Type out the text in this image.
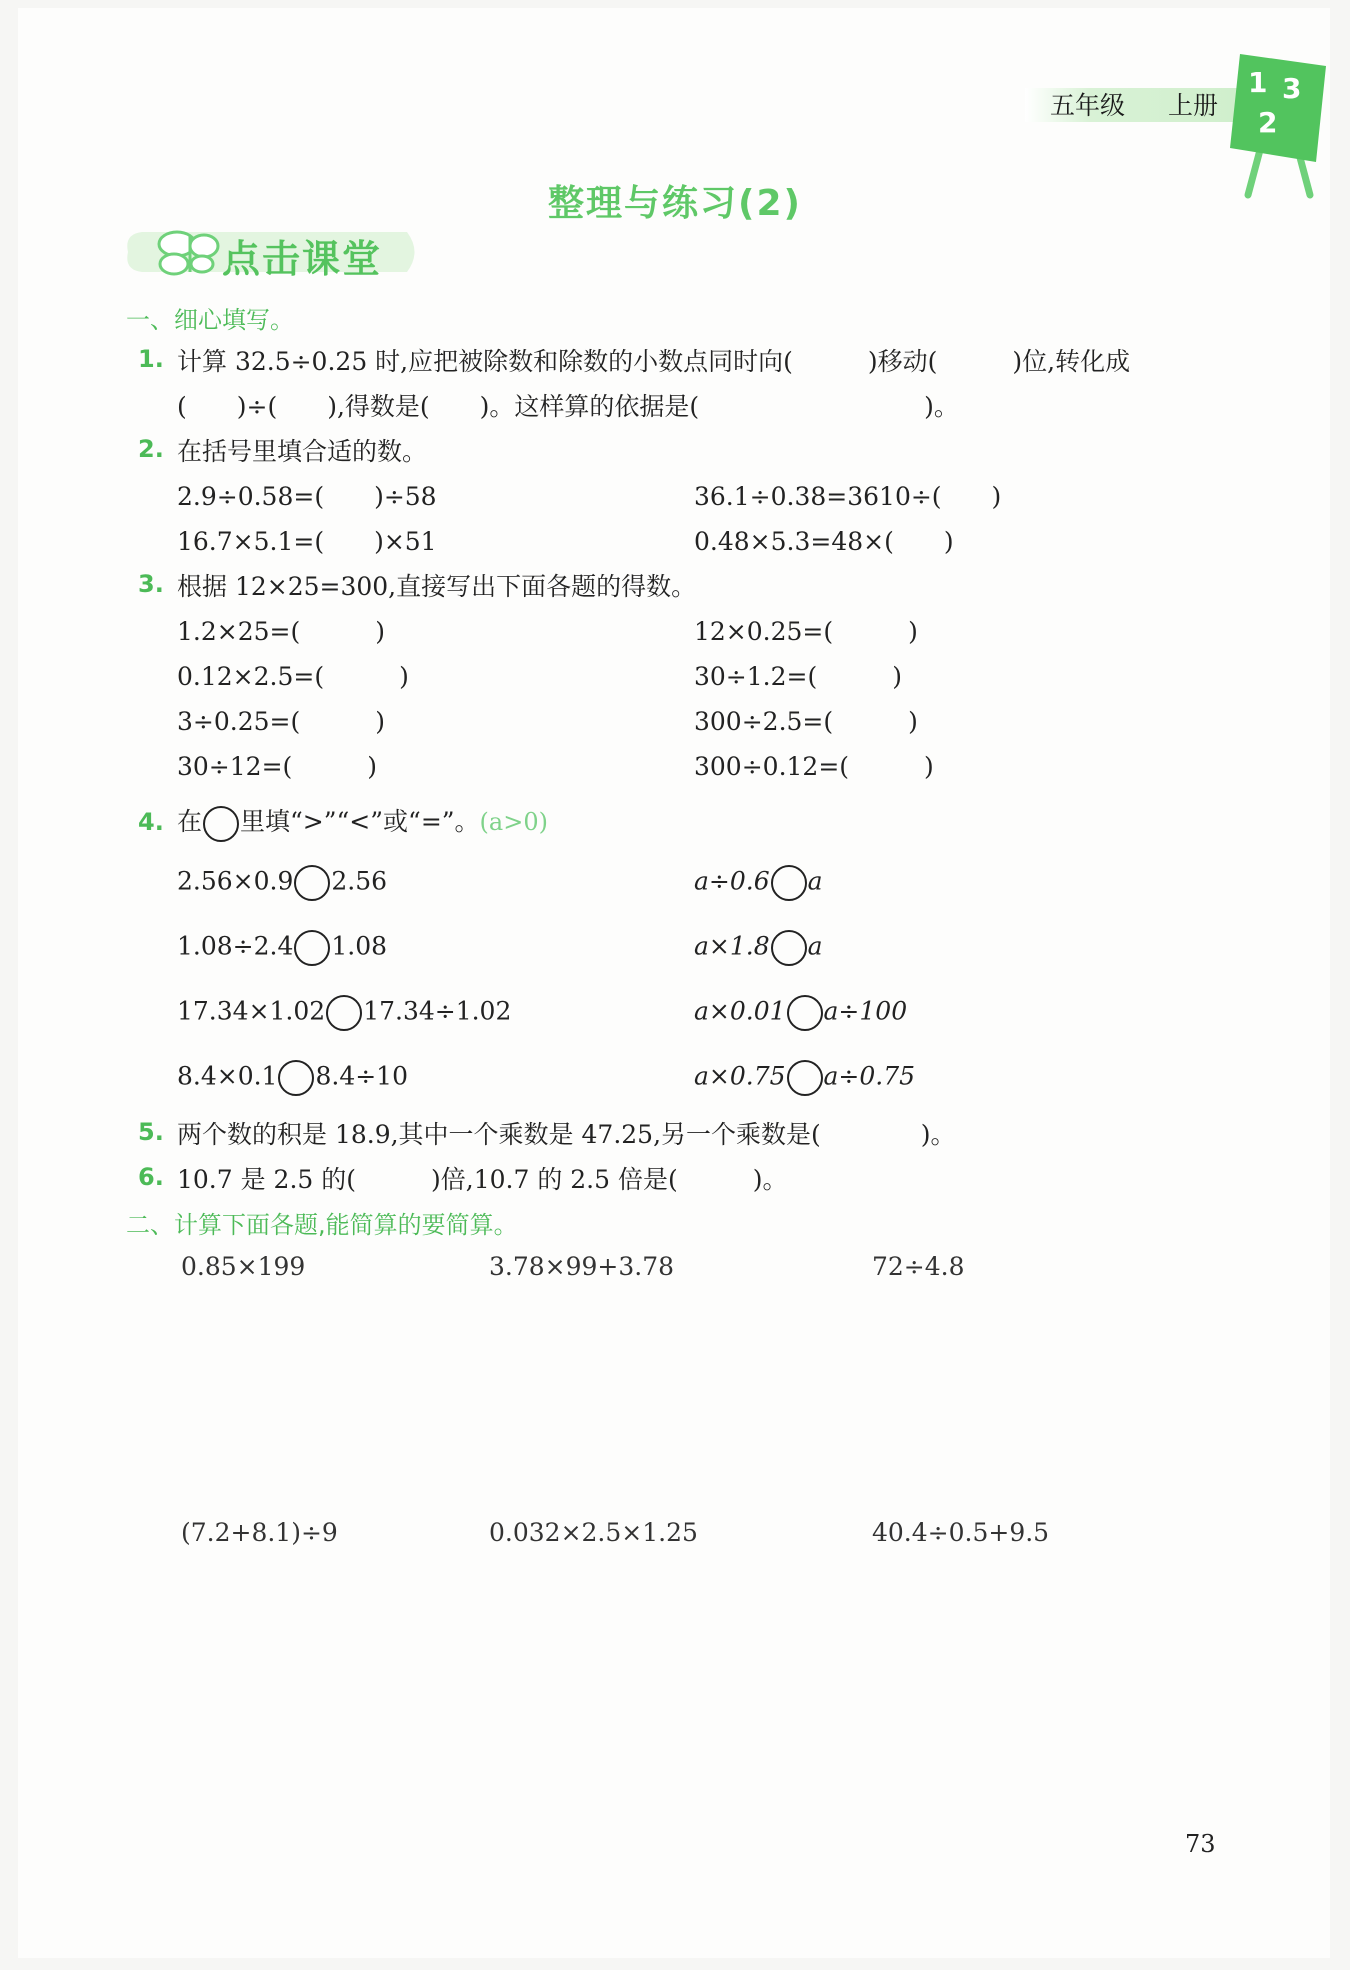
五年级 上册
1 3
2
整理与练习(2)
点击课堂
一、细心填写。
1. 计算 32.5÷0.25 时,应把被除数和除数的小数点同时向(　　　)移动(　　　)位,转化成
(　　)÷(　　),得数是(　　)。这样算的依据是(　　　　　　　　　)。
2. 在括号里填合适的数。
2.9÷0.58=(　　)÷58	36.1÷0.38=3610÷(　　)
16.7×5.1=(　　)×51	0.48×5.3=48×(　　)
3. 根据 12×25=300,直接写出下面各题的得数。
1.2×25=(　　　)	12×0.25=(　　　)
0.12×2.5=(　　　)	30÷1.2=(　　　)
3÷0.25=(　　　)	300÷2.5=(　　　)
30÷12=(　　　)	300÷0.12=(　　　)
4. 在 里填“>”“<”或“=”。(a>0)
2.56×0.9 2.56	a÷0.6 a
1.08÷2.4 1.08	a×1.8 a
17.34×1.02 17.34÷1.02	a×0.01 a÷100
8.4×0.1 8.4÷10	a×0.75 a÷0.75
5. 两个数的积是 18.9,其中一个乘数是 47.25,另一个乘数是(　　　　)。
6. 10.7 是 2.5 的(　　　)倍,10.7 的 2.5 倍是(　　　)。
二、计算下面各题,能简算的要简算。
0.85×199	3.78×99+3.78	72÷4.8
(7.2+8.1)÷9	0.032×2.5×1.25	40.4÷0.5+9.5
73
